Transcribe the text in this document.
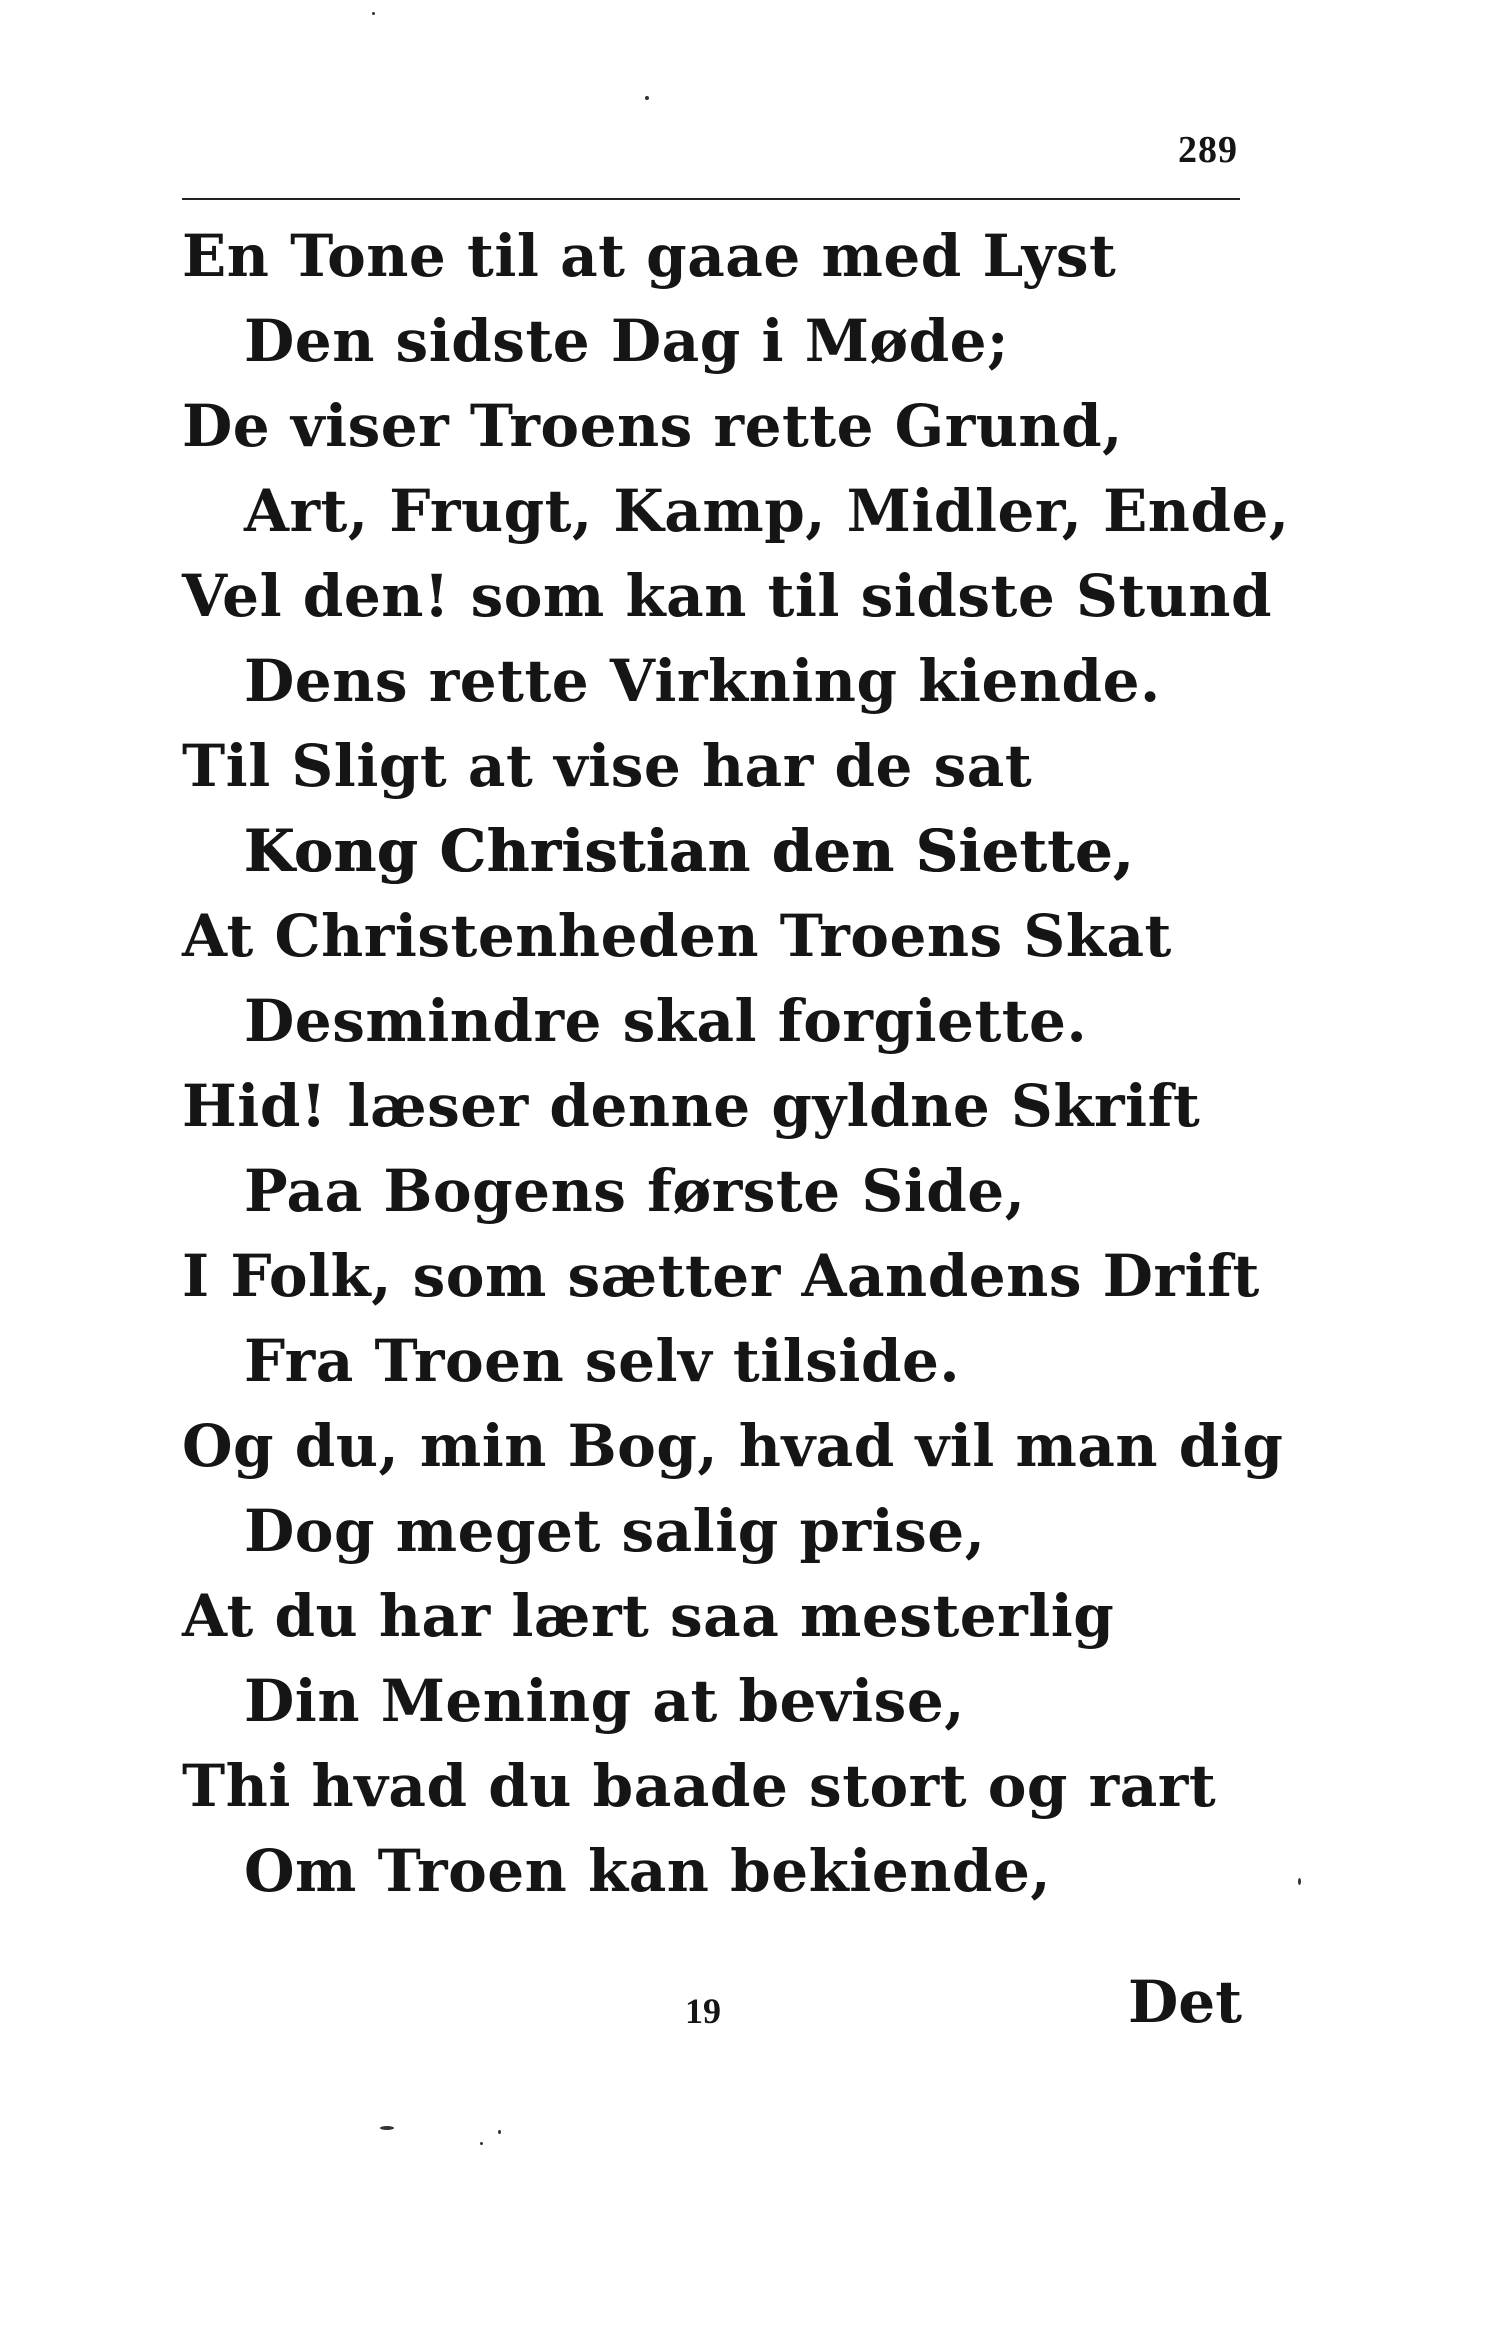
289
En Tone til at gaae med Lyst
Den sidste Dag i Møde;
De viser Troens rette Grund,
Art, Frugt, Kamp, Midler, Ende,
Vel den! som kan til sidste Stund
Dens rette Virkning kiende.
Til Sligt at vise har de sat
Kong Christian den Siette,
At Christenheden Troens Skat
Desmindre skal forgiette.
Hid! læser denne gyldne Skrift
Paa Bogens første Side,
I Folk, som sætter Aandens Drift
Fra Troen selv tilside.
Og du, min Bog, hvad vil man dig
Dog meget salig prise,
At du har lært saa mesterlig
Din Mening at bevise,
Thi hvad du baade stort og rart
Om Troen kan bekiende,
19	Det
